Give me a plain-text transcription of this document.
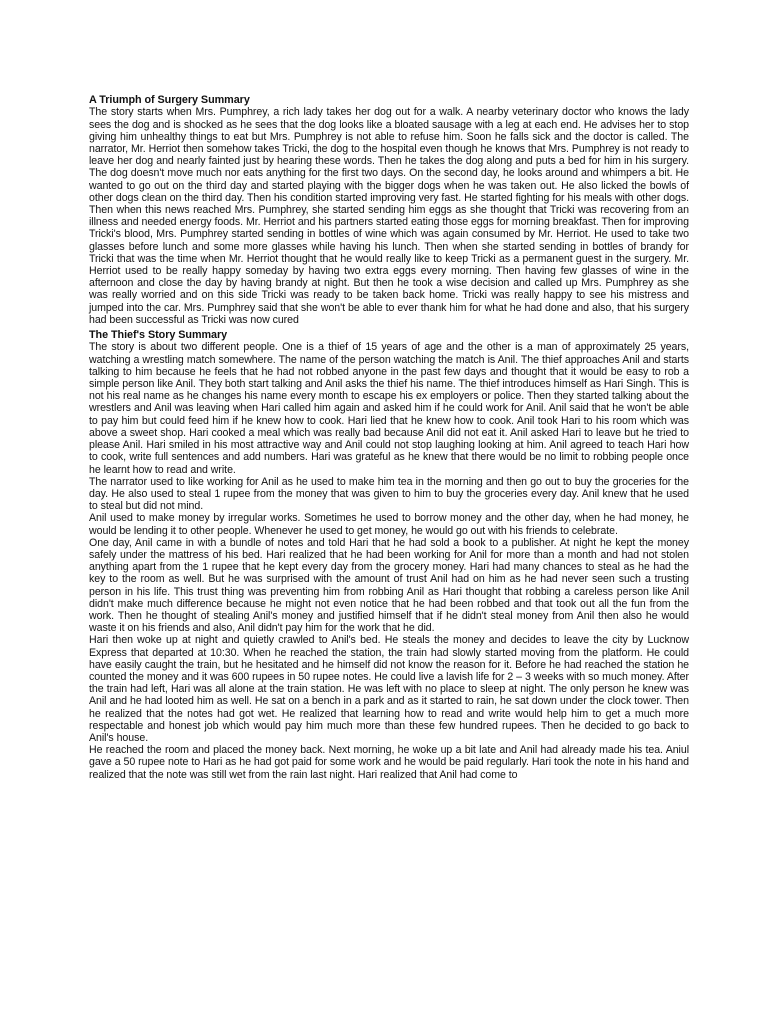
A Triumph of Surgery Summary

The story starts when Mrs. Pumphrey, a rich lady takes her dog out for a walk. A nearby veterinary doctor who knows the lady sees the dog and is shocked as he sees that the dog looks like a bloated sausage with a leg at each end. He advises her to stop giving him unhealthy things to eat but Mrs. Pumphrey is not able to refuse him. Soon he falls sick and the doctor is called. The narrator, Mr. Herriot then somehow takes Tricki, the dog to the hospital even though he knows that Mrs. Pumphrey is not ready to leave her dog and nearly fainted just by hearing these words. Then he takes the dog along and puts a bed for him in his surgery. The dog doesn't move much nor eats anything for the first two days. On the second day, he looks around and whimpers a bit. He wanted to go out on the third day and started playing with the bigger dogs when he was taken out. He also licked the bowls of other dogs clean on the third day. Then his condition started improving very fast. He started fighting for his meals with other dogs. Then when this news reached Mrs. Pumphrey, she started sending him eggs as she thought that Tricki was recovering from an illness and needed energy foods. Mr. Herriot and his partners started eating those eggs for morning breakfast. Then for improving Tricki's blood, Mrs. Pumphrey started sending in bottles of wine which was again consumed by Mr. Herriot. He used to take two glasses before lunch and some more glasses while having his lunch. Then when she started sending in bottles of brandy for Tricki that was the time when Mr. Herriot thought that he would really like to keep Tricki as a permanent guest in the surgery. Mr. Herriot used to be really happy someday by having two extra eggs every morning. Then having few glasses of wine in the afternoon and close the day by having brandy at night. But then he took a wise decision and called up Mrs. Pumphrey as she was really worried and on this side Tricki was ready to be taken back home. Tricki was really happy to see his mistress and jumped into the car. Mrs. Pumphrey said that she won't be able to ever thank him for what he had done and also, that his surgery had been successful as Tricki was now cured

The Thief's Story Summary

The story is about two different people. One is a thief of 15 years of age and the other is a man of approximately 25 years, watching a wrestling match somewhere. The name of the person watching the match is Anil. The thief approaches Anil and starts talking to him because he feels that he had not robbed anyone in the past few days and thought that it would be easy to rob a simple person like Anil. They both start talking and Anil asks the thief his name. The thief introduces himself as Hari Singh. This is not his real name as he changes his name every month to escape his ex employers or police. Then they started talking about the wrestlers and Anil was leaving when Hari called him again and asked him if he could work for Anil. Anil said that he won't be able to pay him but could feed him if he knew how to cook. Hari lied that he knew how to cook. Anil took Hari to his room which was above a sweet shop. Hari cooked a meal which was really bad because Anil did not eat it. Anil asked Hari to leave but he tried to please Anil. Hari smiled in his most attractive way and Anil could not stop laughing looking at him. Anil agreed to teach Hari how to cook, write full sentences and add numbers. Hari was grateful as he knew that there would be no limit to robbing people once he learnt how to read and write.

The narrator used to like working for Anil as he used to make him tea in the morning and then go out to buy the groceries for the day. He also used to steal 1 rupee from the money that was given to him to buy the groceries every day. Anil knew that he used to steal but did not mind.

Anil used to make money by irregular works. Sometimes he used to borrow money and the other day, when he had money, he would be lending it to other people. Whenever he used to get money, he would go out with his friends to celebrate.

One day, Anil came in with a bundle of notes and told Hari that he had sold a book to a publisher. At night he kept the money safely under the mattress of his bed. Hari realized that he had been working for Anil for more than a month and had not stolen anything apart from the 1 rupee that he kept every day from the grocery money. Hari had many chances to steal as he had the key to the room as well. But he was surprised with the amount of trust Anil had on him as he had never seen such a trusting person in his life. This trust thing was preventing him from robbing Anil as Hari thought that robbing a careless person like Anil didn't make much difference because he might not even notice that he had been robbed and that took out all the fun from the work. Then he thought of stealing Anil's money and justified himself that if he didn't steal money from Anil then also he would waste it on his friends and also, Anil didn't pay him for the work that he did.

Hari then woke up at night and quietly crawled to Anil's bed. He steals the money and decides to leave the city by Lucknow Express that departed at 10:30. When he reached the station, the train had slowly started moving from the platform. He could have easily caught the train, but he hesitated and he himself did not know the reason for it. Before he had reached the station he counted the money and it was 600 rupees in 50 rupee notes. He could live a lavish life for 2 – 3 weeks with so much money. After the train had left, Hari was all alone at the train station. He was left with no place to sleep at night. The only person he knew was Anil and he had looted him as well. He sat on a bench in a park and as it started to rain, he sat down under the clock tower. Then he realized that the notes had got wet. He realized that learning how to read and write would help him to get a much more respectable and honest job which would pay him much more than these few hundred rupees. Then he decided to go back to Anil's house.

He reached the room and placed the money back. Next morning, he woke up a bit late and Anil had already made his tea. Aniul gave a 50 rupee note to Hari as he had got paid for some work and he would be paid regularly. Hari took the note in his hand and realized that the note was still wet from the rain last night. Hari realized that Anil had come to
